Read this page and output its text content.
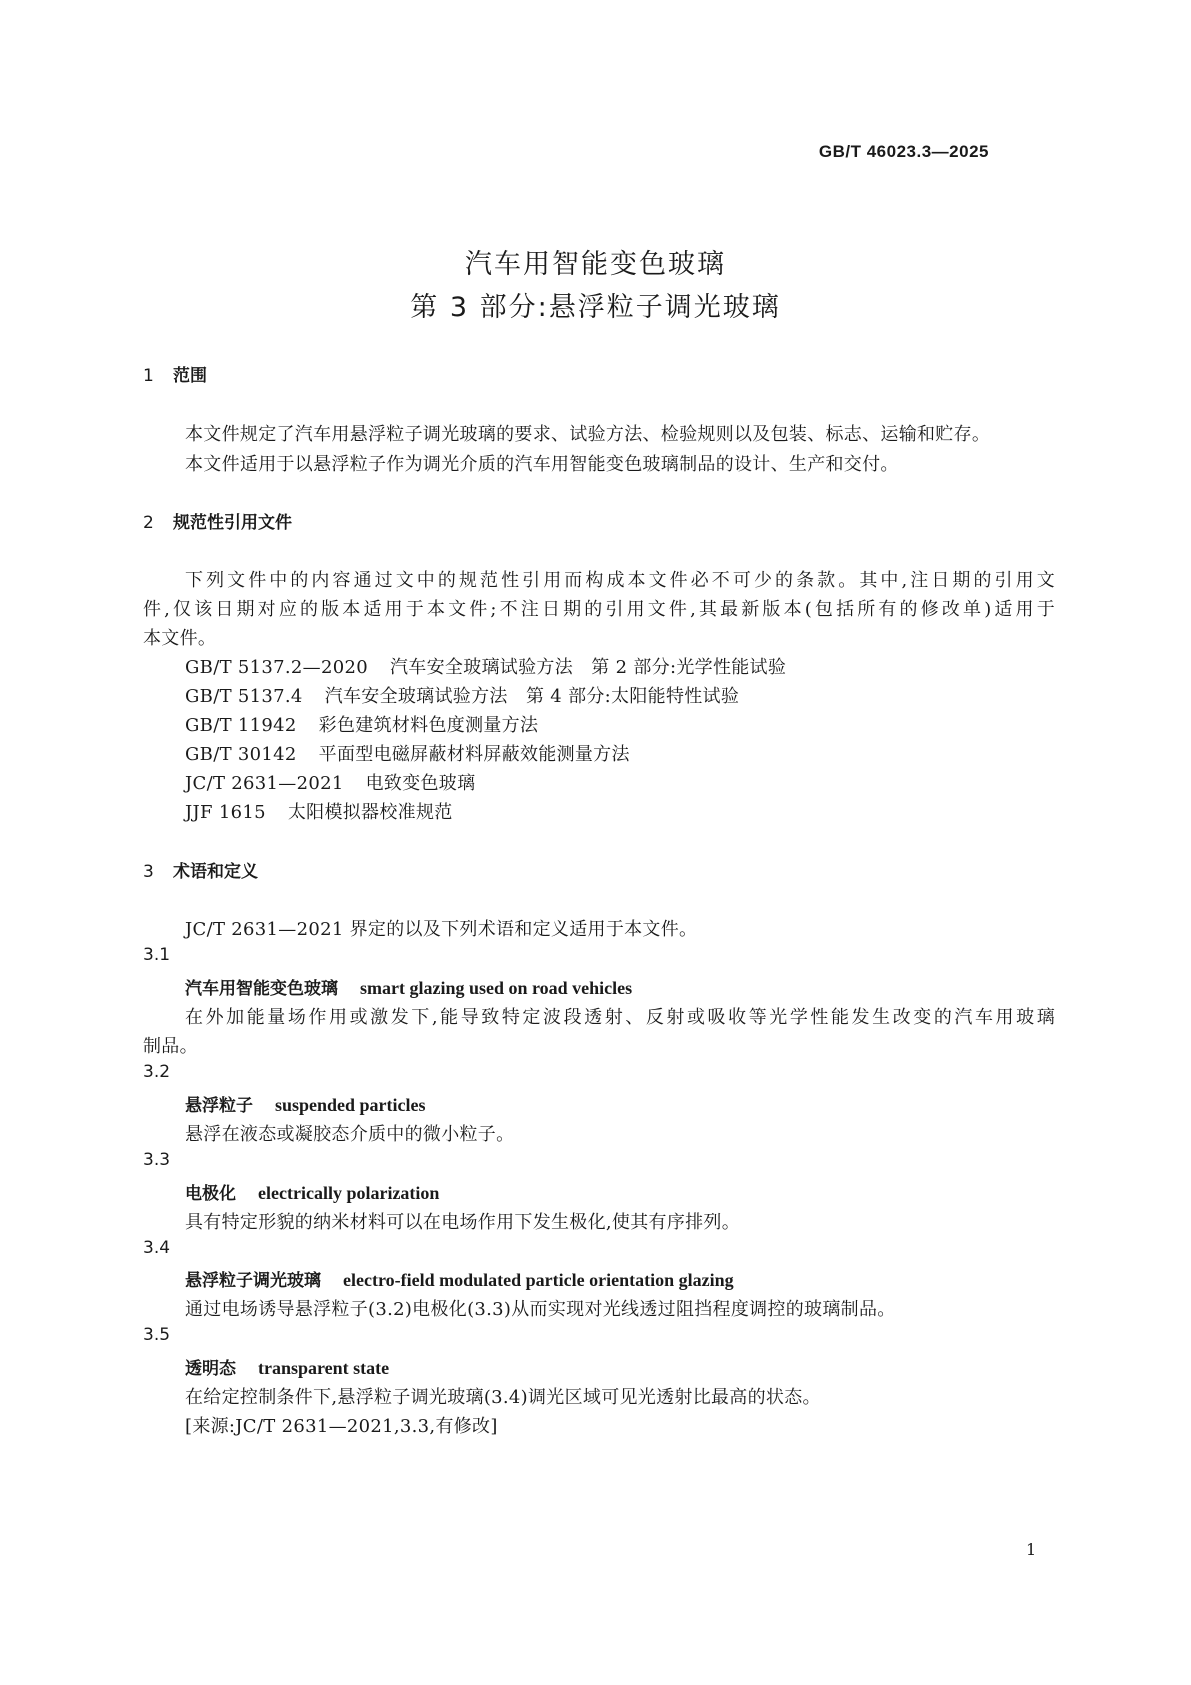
GB/T 46023.3—2025
汽车用智能变色玻璃
第 3 部分:悬浮粒子调光玻璃
1 范围
本文件规定了汽车用悬浮粒子调光玻璃的要求、试验方法、检验规则以及包装、标志、运输和贮存。
本文件适用于以悬浮粒子作为调光介质的汽车用智能变色玻璃制品的设计、生产和交付。
2 规范性引用文件
下列文件中的内容通过文中的规范性引用而构成本文件必不可少的条款。其中,注日期的引用文
件,仅该日期对应的版本适用于本文件;不注日期的引用文件,其最新版本(包括所有的修改单)适用于
本文件。
GB/T 5137.2—2020 汽车安全玻璃试验方法　第 2 部分:光学性能试验
GB/T 5137.4 汽车安全玻璃试验方法　第 4 部分:太阳能特性试验
GB/T 11942 彩色建筑材料色度测量方法
GB/T 30142 平面型电磁屏蔽材料屏蔽效能测量方法
JC/T 2631—2021 电致变色玻璃
JJF 1615 太阳模拟器校准规范
3 术语和定义
JC/T 2631—2021 界定的以及下列术语和定义适用于本文件。
3.1
汽车用智能变色玻璃 smart glazing used on road vehicles
在外加能量场作用或激发下,能导致特定波段透射、反射或吸收等光学性能发生改变的汽车用玻璃
制品。
3.2
悬浮粒子 suspended particles
悬浮在液态或凝胶态介质中的微小粒子。
3.3
电极化 electrically polarization
具有特定形貌的纳米材料可以在电场作用下发生极化,使其有序排列。
3.4
悬浮粒子调光玻璃 electro-field modulated particle orientation glazing
通过电场诱导悬浮粒子(3.2)电极化(3.3)从而实现对光线透过阻挡程度调控的玻璃制品。
3.5
透明态 transparent state
在给定控制条件下,悬浮粒子调光玻璃(3.4)调光区域可见光透射比最高的状态。
[来源:JC/T 2631—2021,3.3,有修改]
1
